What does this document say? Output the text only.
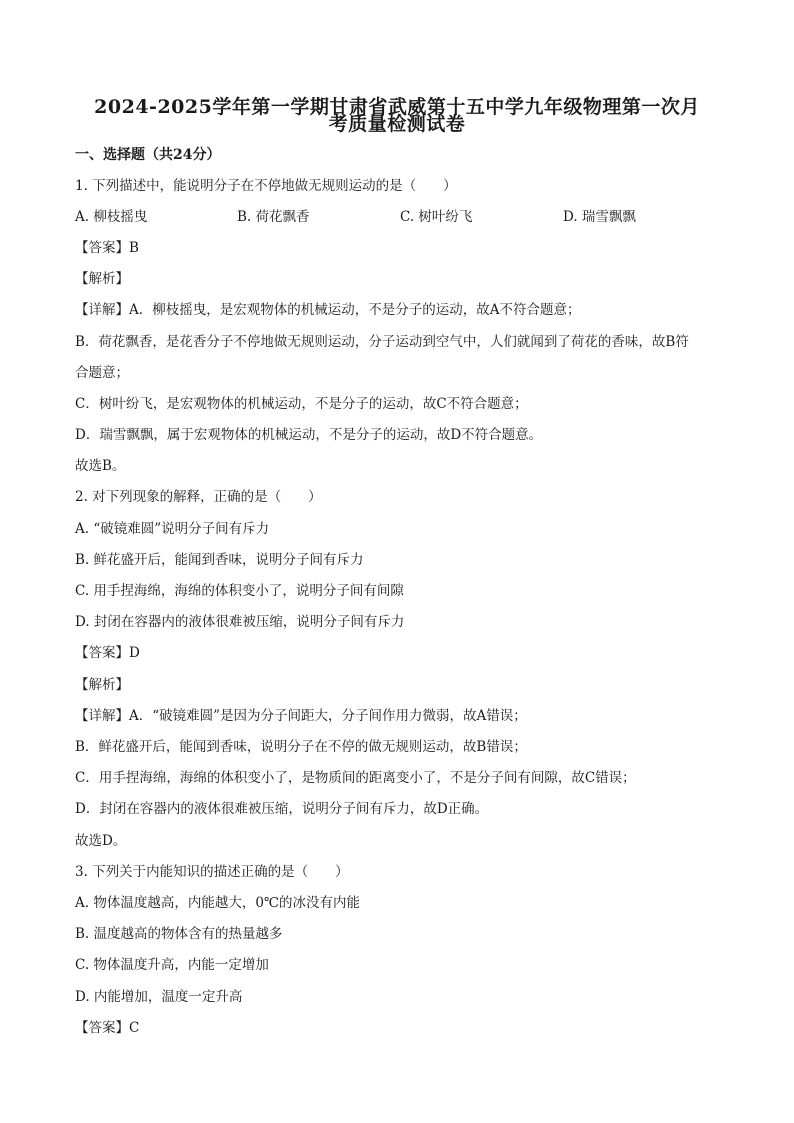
2024-2025学年第一学期甘肃省武威第十五中学九年级物理第一次月
考质量检测试卷
一、选择题（共24分）
1. 下列描述中，能说明分子在不停地做无规则运动的是（　　）
A. 柳枝摇曳	B. 荷花飘香	C. 树叶纷飞	D. 瑞雪飘飘
【答案】B
【解析】
【详解】A．柳枝摇曳，是宏观物体的机械运动，不是分子的运动，故A不符合题意；
B．荷花飘香，是花香分子不停地做无规则运动，分子运动到空气中，人们就闻到了荷花的香味，故B符
合题意；
C．树叶纷飞，是宏观物体的机械运动，不是分子的运动，故C不符合题意；
D．瑞雪飘飘，属于宏观物体的机械运动，不是分子的运动，故D不符合题意。
故选B。
2. 对下列现象的解释，正确的是（　　）
A. “破镜难圆”说明分子间有斥力
B. 鲜花盛开后，能闻到香味，说明分子间有斥力
C. 用手捏海绵，海绵的体积变小了，说明分子间有间隙
D. 封闭在容器内的液体很难被压缩，说明分子间有斥力
【答案】D
【解析】
【详解】A．“破镜难圆”是因为分子间距大，分子间作用力微弱，故A错误；
B．鲜花盛开后，能闻到香味，说明分子在不停的做无规则运动，故B错误；
C．用手捏海绵，海绵的体积变小了，是物质间的距离变小了，不是分子间有间隙，故C错误；
D．封闭在容器内的液体很难被压缩，说明分子间有斥力，故D正确。
故选D。
3. 下列关于内能知识的描述正确的是（　　）
A. 物体温度越高，内能越大，0℃的冰没有内能
B. 温度越高的物体含有的热量越多
C. 物体温度升高，内能一定增加
D. 内能增加，温度一定升高
【答案】C
